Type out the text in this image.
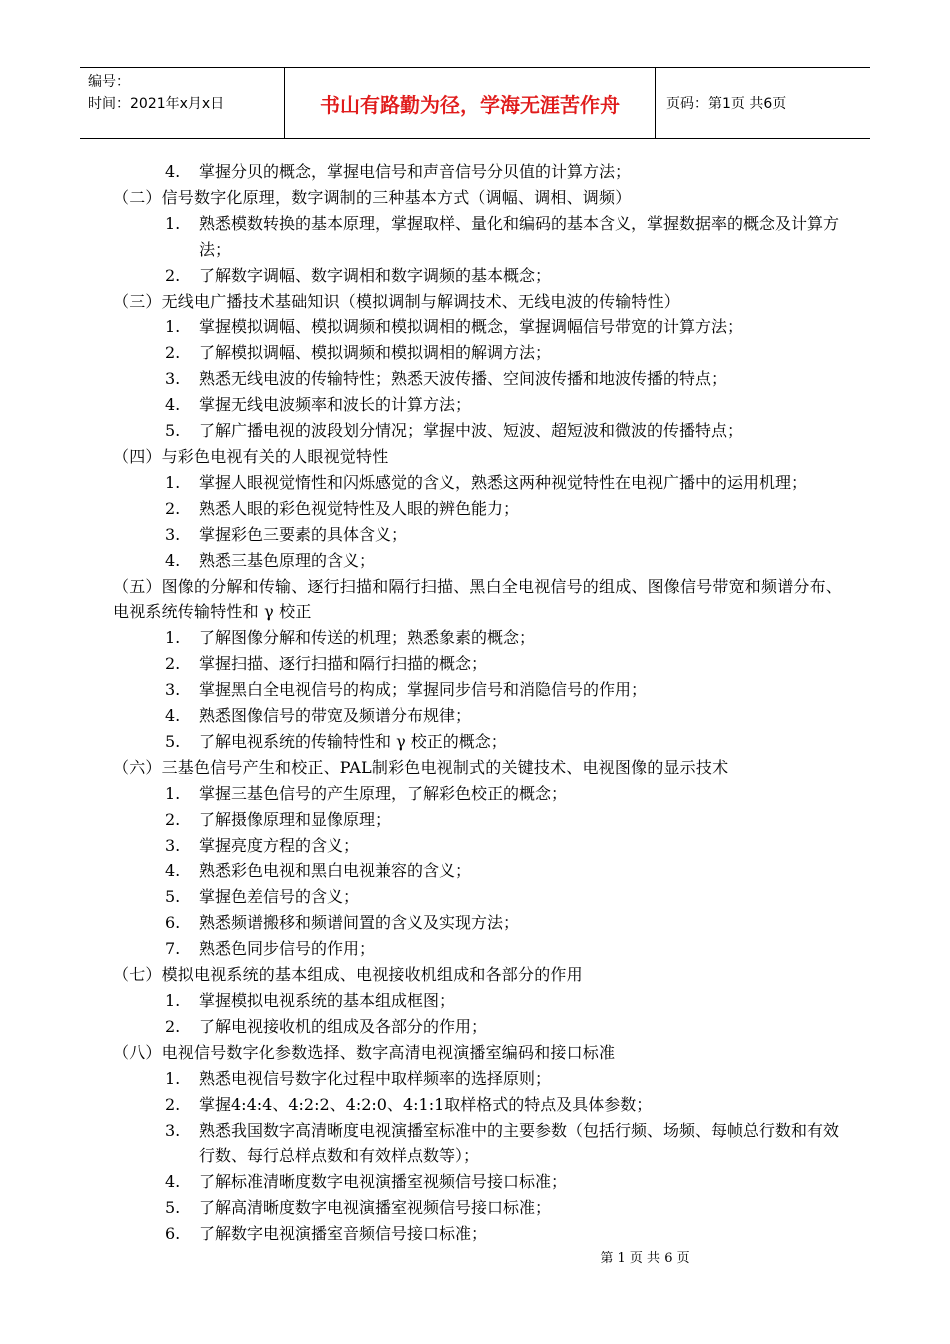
编号：
时间：2021年x月x日	书山有路勤为径，学海无涯苦作舟	页码：第1页 共6页
4.	掌握分贝的概念，掌握电信号和声音信号分贝值的计算方法；
（二）信号数字化原理，数字调制的三种基本方式（调幅、调相、调频）
1.	熟悉模数转换的基本原理，掌握取样、量化和编码的基本含义，掌握数据率的概念及计算方法；
2.	了解数字调幅、数字调相和数字调频的基本概念；
（三）无线电广播技术基础知识（模拟调制与解调技术、无线电波的传输特性）
1.	掌握模拟调幅、模拟调频和模拟调相的概念，掌握调幅信号带宽的计算方法；
2.	了解模拟调幅、模拟调频和模拟调相的解调方法；
3.	熟悉无线电波的传输特性；熟悉天波传播、空间波传播和地波传播的特点；
4.	掌握无线电波频率和波长的计算方法；
5.	了解广播电视的波段划分情况；掌握中波、短波、超短波和微波的传播特点；
（四）与彩色电视有关的人眼视觉特性
1.	掌握人眼视觉惰性和闪烁感觉的含义，熟悉这两种视觉特性在电视广播中的运用机理；
2.	熟悉人眼的彩色视觉特性及人眼的辨色能力；
3.	掌握彩色三要素的具体含义；
4.	熟悉三基色原理的含义；
（五）图像的分解和传输、逐行扫描和隔行扫描、黑白全电视信号的组成、图像信号带宽和频谱分布、电视系统传输特性和 γ 校正
1.	了解图像分解和传送的机理；熟悉象素的概念；
2.	掌握扫描、逐行扫描和隔行扫描的概念；
3.	掌握黑白全电视信号的构成；掌握同步信号和消隐信号的作用；
4.	熟悉图像信号的带宽及频谱分布规律；
5.	了解电视系统的传输特性和 γ 校正的概念；
（六）三基色信号产生和校正、PAL制彩色电视制式的关键技术、电视图像的显示技术
1.	掌握三基色信号的产生原理，了解彩色校正的概念；
2.	了解摄像原理和显像原理；
3.	掌握亮度方程的含义；
4.	熟悉彩色电视和黑白电视兼容的含义；
5.	掌握色差信号的含义；
6.	熟悉频谱搬移和频谱间置的含义及实现方法；
7.	熟悉色同步信号的作用；
（七）模拟电视系统的基本组成、电视接收机组成和各部分的作用
1.	掌握模拟电视系统的基本组成框图；
2.	了解电视接收机的组成及各部分的作用；
（八）电视信号数字化参数选择、数字高清电视演播室编码和接口标准
1.	熟悉电视信号数字化过程中取样频率的选择原则；
2.	掌握4:4:4、4:2:2、4:2:0、4:1:1取样格式的特点及具体参数；
3.	熟悉我国数字高清晰度电视演播室标准中的主要参数（包括行频、场频、每帧总行数和有效行数、每行总样点数和有效样点数等）；
4.	了解标准清晰度数字电视演播室视频信号接口标准；
5.	了解高清晰度数字电视演播室视频信号接口标准；
6.	了解数字电视演播室音频信号接口标准；
第 1 页 共 6 页
